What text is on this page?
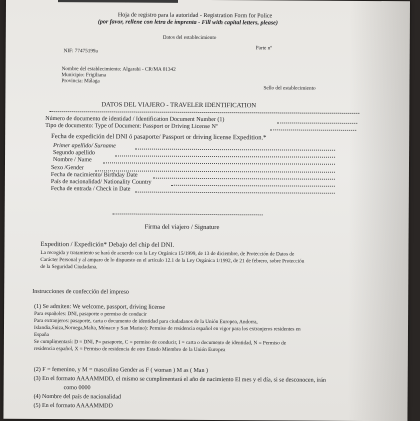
Hoja de registro para la autoridad - Registration Form for Police
(por favor, rellene con letra de imprenta - Fill with capital letters, please)
Datos del establecimiento
Parte nº
NIF: 77475199a
Nombre del establecimiento: Algarabi - CR/MA 01342
Municipio: Frigiliana
Provincia: Málaga
Sello del establecimiento
DATOS DEL VIAJERO - TRAVELER IDENTIFICATION
Número de documento de identidad / Identification Document Number (1)
Tipo de documento: Type of Document: Passport or Driving License Nº
Fecha de expedición del DNI ó pasaporte/ Passport or driving license Expedition.*
Primer apellido/ Surname
Segundo apellido
Nombre / Name
Sexo /Gender
Fecha de nacimiento/ Birthday Date
País de nacionalidad/ Nationality Country
Fecha de entrada / Check in Date
Firma del viajero / Signature
Expedition / Expedición* Debajo del chip del DNI.
La recogida y tratamiento se hará de acuerdo con la Ley Orgánica 15/1999, de 13 de diciembre, de Protección de Datos de
Carácter Personal y al amparo de lo dispuesto en el artículo 12.1 de la Ley Orgánica 1/1992, de 21 de febrero, sobre Protección
de la Seguridad Ciudadana.
Instrucciones de confección del impreso
(1) Se admiten: We welcome, passport, driving license
Para españoles: DNI, pasaporte o permiso de conducir
Para extranjeros: pasaporte, carta o documento de identidad para ciudadanos de la Unión Europea, Andorra,
Islandia,Suiza,Noruega,Malta, Mónaco y San Marino): Permiso de residencia español en vigor para los extranjeros residentes en
España
Se cumplimentará: D = DNI, P= pasaporte, C = permiso de conducir, I = carta o documento de identidad, N = Permiso de
residencia español, X = Permiso de residencia de otro Estado Miembro de la Unión Europea
(2) F = femenino, y M = masculino Gender as F ( woman ) M as ( Man )
(3) En el formato AAAAMMDD, el mismo se cumplimentará el año de nacimiento El mes y el día, si se desconocen, irán
como 0000
(4) Nombre del país de nacionalidad
(5) En el formato AAAAMMDD
